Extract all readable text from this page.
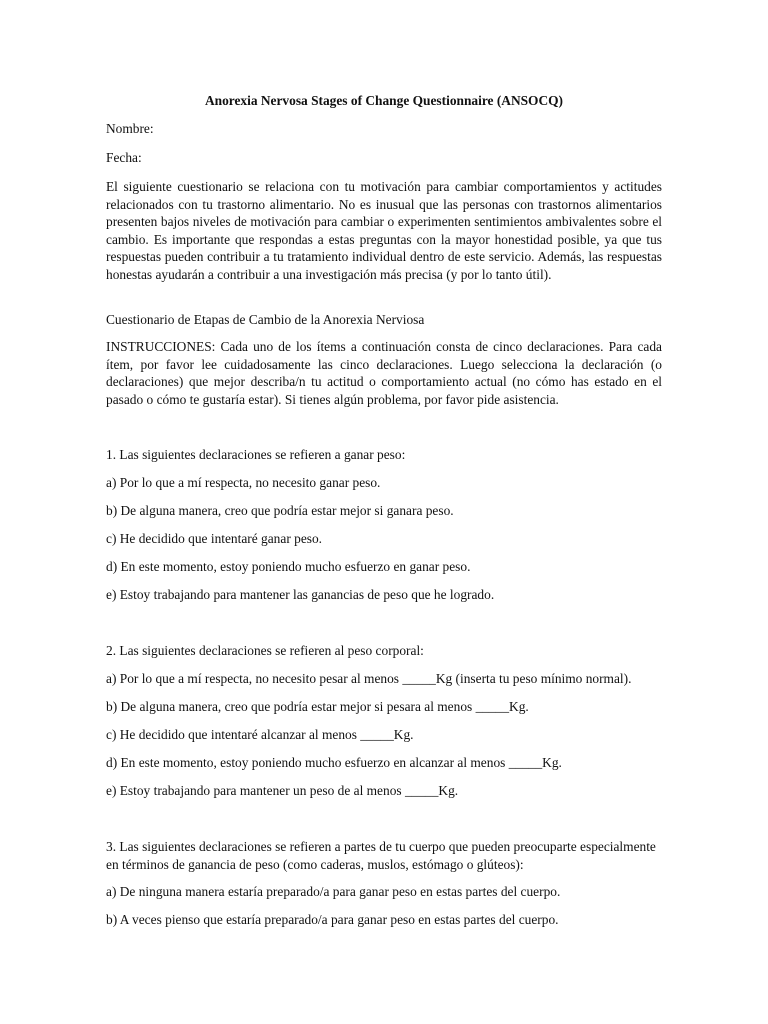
Anorexia Nervosa Stages of Change Questionnaire (ANSOCQ)

Nombre:

Fecha:

El siguiente cuestionario se relaciona con tu motivación para cambiar comportamientos y actitudes relacionados con tu trastorno alimentario. No es inusual que las personas con trastornos alimentarios presenten bajos niveles de motivación para cambiar o experimenten sentimientos ambivalentes sobre el cambio. Es importante que respondas a estas preguntas con la mayor honestidad posible, ya que tus respuestas pueden contribuir a tu tratamiento individual dentro de este servicio. Además, las respuestas honestas ayudarán a contribuir a una investigación más precisa (y por lo tanto útil).

Cuestionario de Etapas de Cambio de la Anorexia Nerviosa

INSTRUCCIONES: Cada uno de los ítems a continuación consta de cinco declaraciones. Para cada ítem, por favor lee cuidadosamente las cinco declaraciones. Luego selecciona la declaración (o declaraciones) que mejor describa/n tu actitud o comportamiento actual (no cómo has estado en el pasado o cómo te gustaría estar). Si tienes algún problema, por favor pide asistencia.

1. Las siguientes declaraciones se refieren a ganar peso:

a) Por lo que a mí respecta, no necesito ganar peso.

b) De alguna manera, creo que podría estar mejor si ganara peso.

c) He decidido que intentaré ganar peso.

d) En este momento, estoy poniendo mucho esfuerzo en ganar peso.

e) Estoy trabajando para mantener las ganancias de peso que he logrado.

2. Las siguientes declaraciones se refieren al peso corporal:

a) Por lo que a mí respecta, no necesito pesar al menos _____Kg (inserta tu peso mínimo normal).

b) De alguna manera, creo que podría estar mejor si pesara al menos _____Kg.

c) He decidido que intentaré alcanzar al menos _____Kg.

d) En este momento, estoy poniendo mucho esfuerzo en alcanzar al menos _____Kg.

e) Estoy trabajando para mantener un peso de al menos _____Kg.

3. Las siguientes declaraciones se refieren a partes de tu cuerpo que pueden preocuparte especialmente en términos de ganancia de peso (como caderas, muslos, estómago o glúteos):

a) De ninguna manera estaría preparado/a para ganar peso en estas partes del cuerpo.

b) A veces pienso que estaría preparado/a para ganar peso en estas partes del cuerpo.
